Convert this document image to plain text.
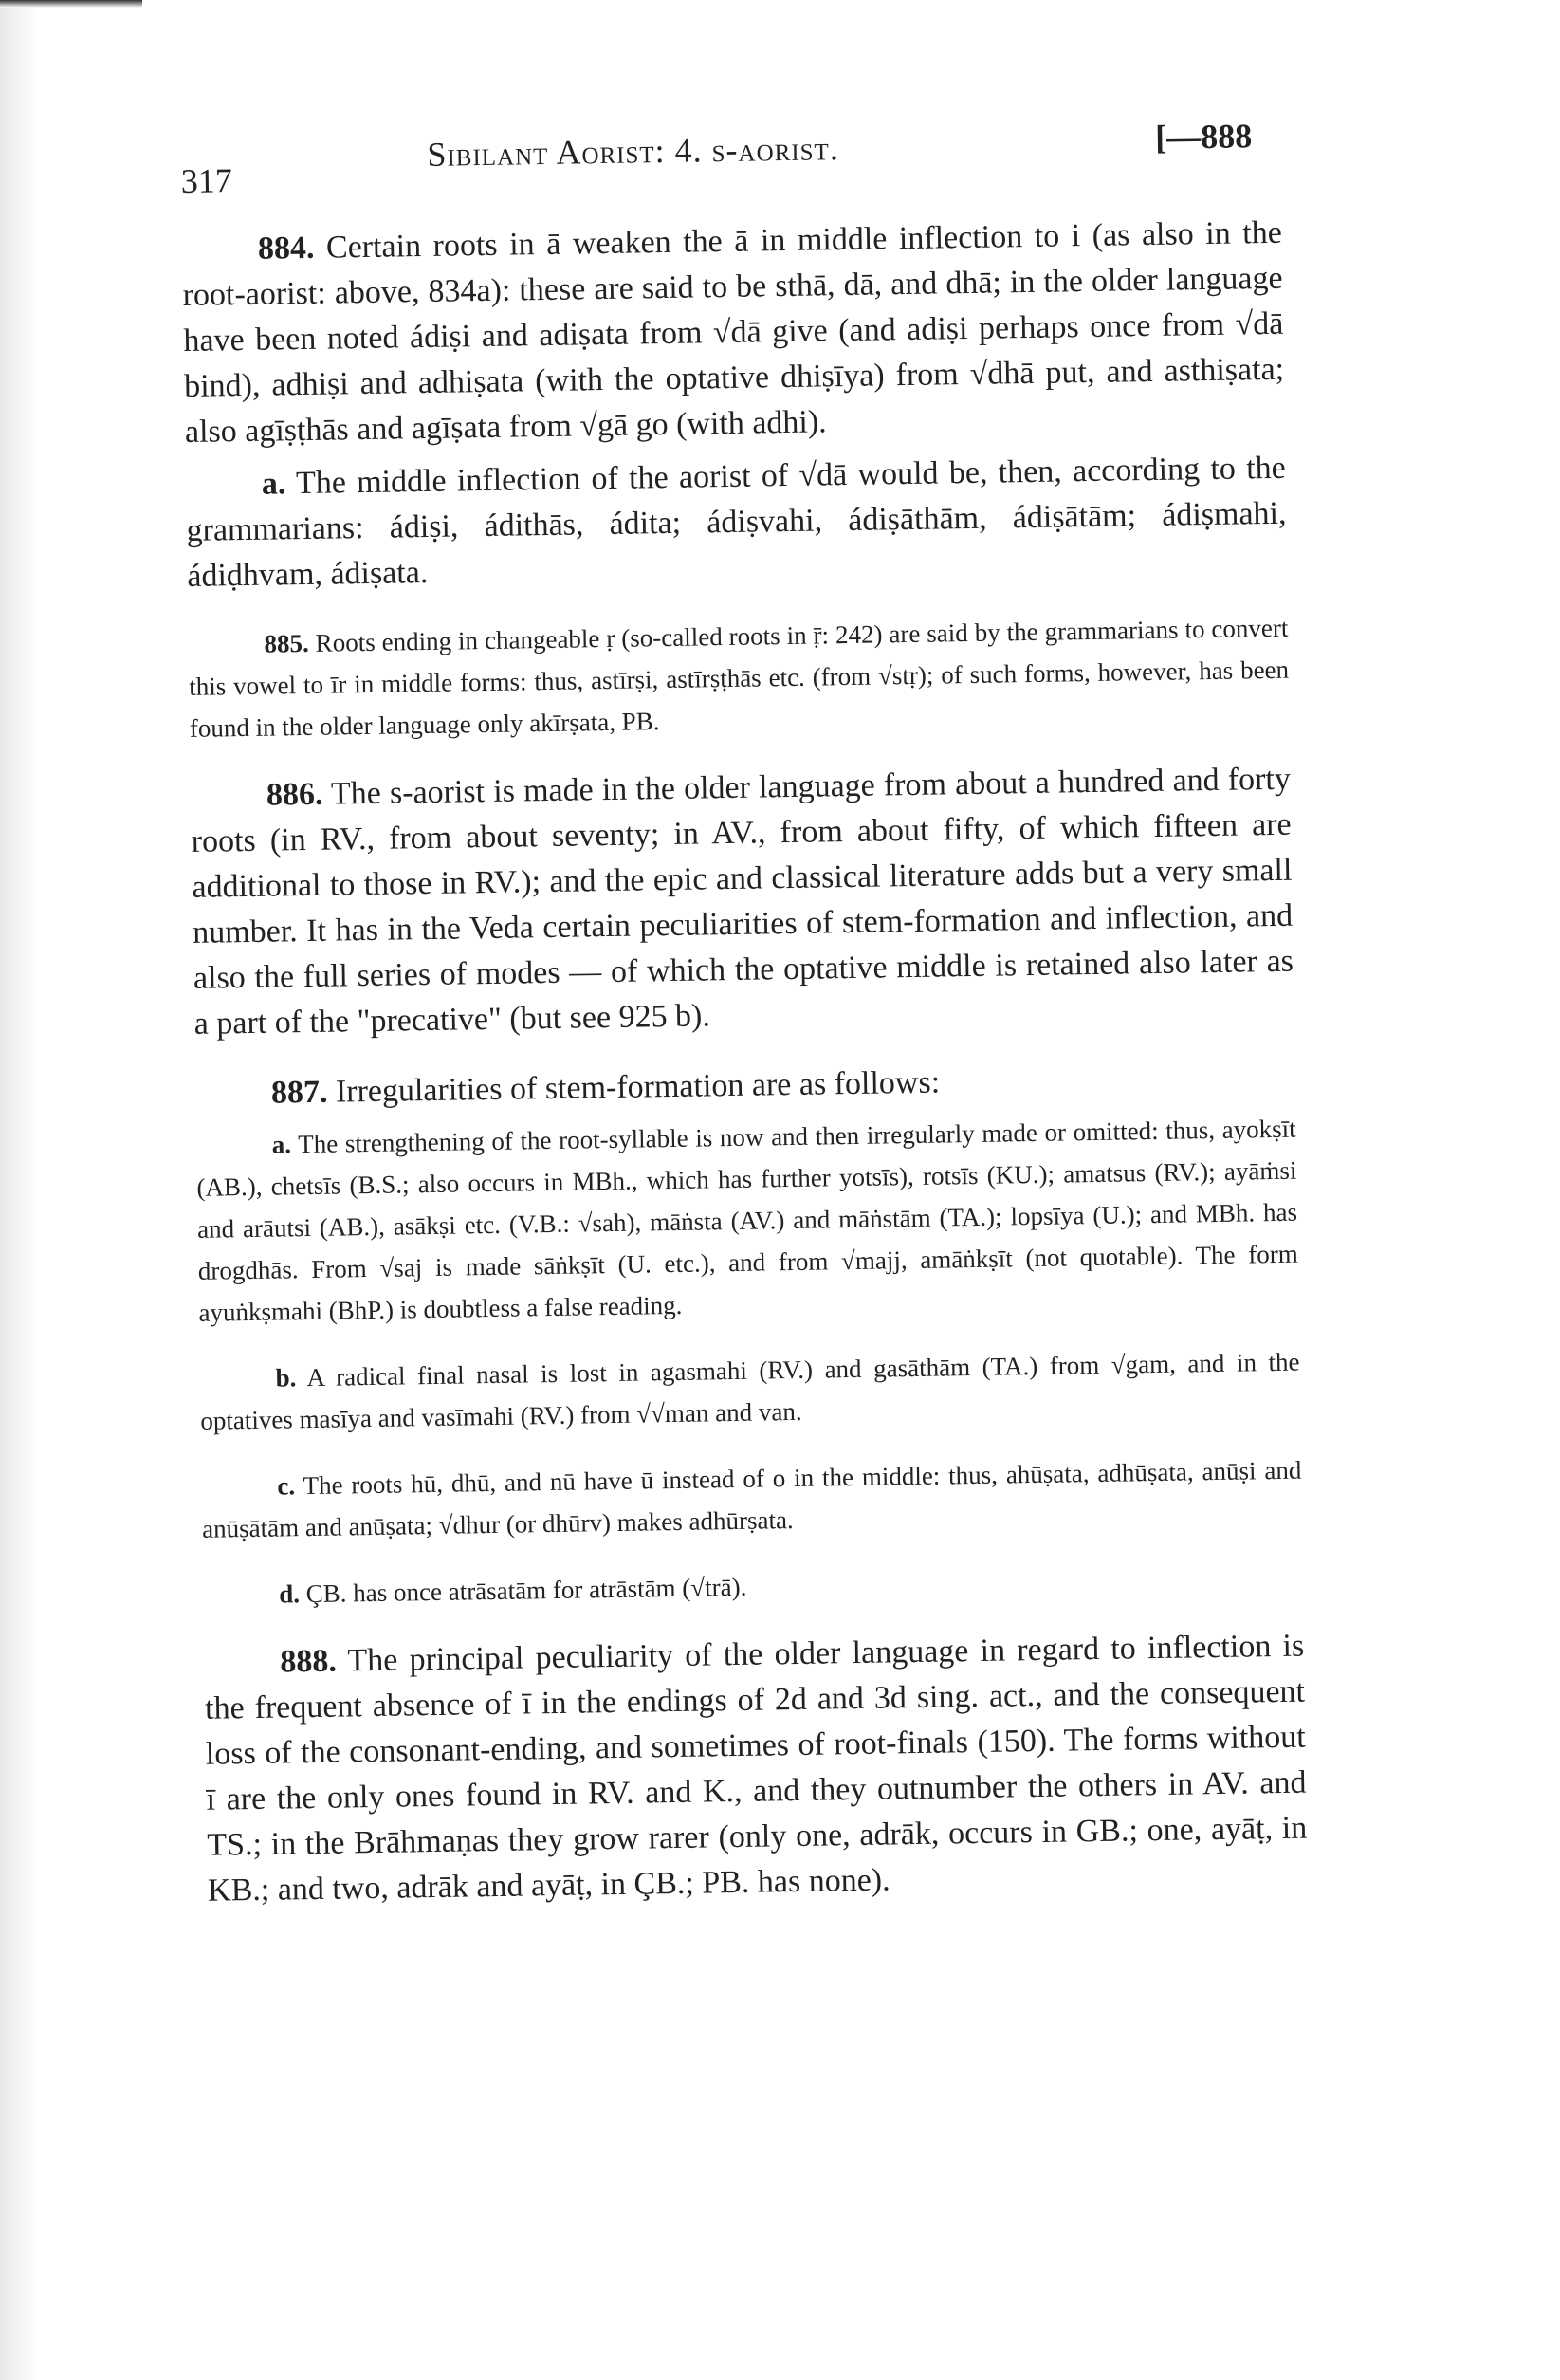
317
Sibilant Aorist: 4. s-aorist.	[—888

884. Certain roots in ā weaken the ā in middle inflection to i (as also in the root-aorist: above, 834a): these are said to be sthā, dā, and dhā; in the older language have been noted ádiṣi and adiṣata from √dā give (and adiṣi perhaps once from √dā bind), adhiṣi and adhiṣata (with the optative dhiṣīya) from √dhā put, and asthiṣata; also agīṣṭhās and agīṣata from √gā go (with adhi).

a. The middle inflection of the aorist of √dā would be, then, according to the grammarians: ádiṣi, ádithās, ádita; ádiṣvahi, ádiṣāthām, ádiṣātām; ádiṣmahi, ádiḍhvam, ádiṣata.

885. Roots ending in changeable ṛ (so-called roots in ṝ: 242) are said by the grammarians to convert this vowel to īr in middle forms: thus, astīrṣi, astīrṣṭhās etc. (from √stṛ); of such forms, however, has been found in the older language only akīrṣata, PB.

886. The s-aorist is made in the older language from about a hundred and forty roots (in RV., from about seventy; in AV., from about fifty, of which fifteen are additional to those in RV.); and the epic and classical literature adds but a very small number. It has in the Veda certain peculiarities of stem-formation and inflection, and also the full series of modes — of which the optative middle is retained also later as a part of the "precative" (but see 925 b).

887. Irregularities of stem-formation are as follows:

a. The strengthening of the root-syllable is now and then irregularly made or omitted: thus, ayokṣīt (AB.), chetsīs (B.S.; also occurs in MBh., which has further yotsīs), rotsīs (KU.); amatsus (RV.); ayāṁsi and arāutsi (AB.), asākṣi etc. (V.B.: √sah), māṅsta (AV.) and māṅstām (TA.); lopsīya (U.); and MBh. has drogdhās. From √saj is made sāṅkṣīt (U. etc.), and from √majj, amāṅkṣīt (not quotable). The form ayuṅkṣmahi (BhP.) is doubtless a false reading.

b. A radical final nasal is lost in agasmahi (RV.) and gasāthām (TA.) from √gam, and in the optatives masīya and vasīmahi (RV.) from √√man and van.

c. The roots hū, dhū, and nū have ū instead of o in the middle: thus, ahūṣata, adhūṣata, anūṣi and anūṣātām and anūṣata; √dhur (or dhūrv) makes adhūrṣata.

d. ÇB. has once atrāsatām for atrāstām (√trā).

888. The principal peculiarity of the older language in regard to inflection is the frequent absence of ī in the endings of 2d and 3d sing. act., and the consequent loss of the consonant-ending, and sometimes of root-finals (150). The forms without ī are the only ones found in RV. and K., and they outnumber the others in AV. and TS.; in the Brāhmaṇas they grow rarer (only one, adrāk, occurs in GB.; one, ayāṭ, in KB.; and two, adrāk and ayāṭ, in ÇB.; PB. has none).
